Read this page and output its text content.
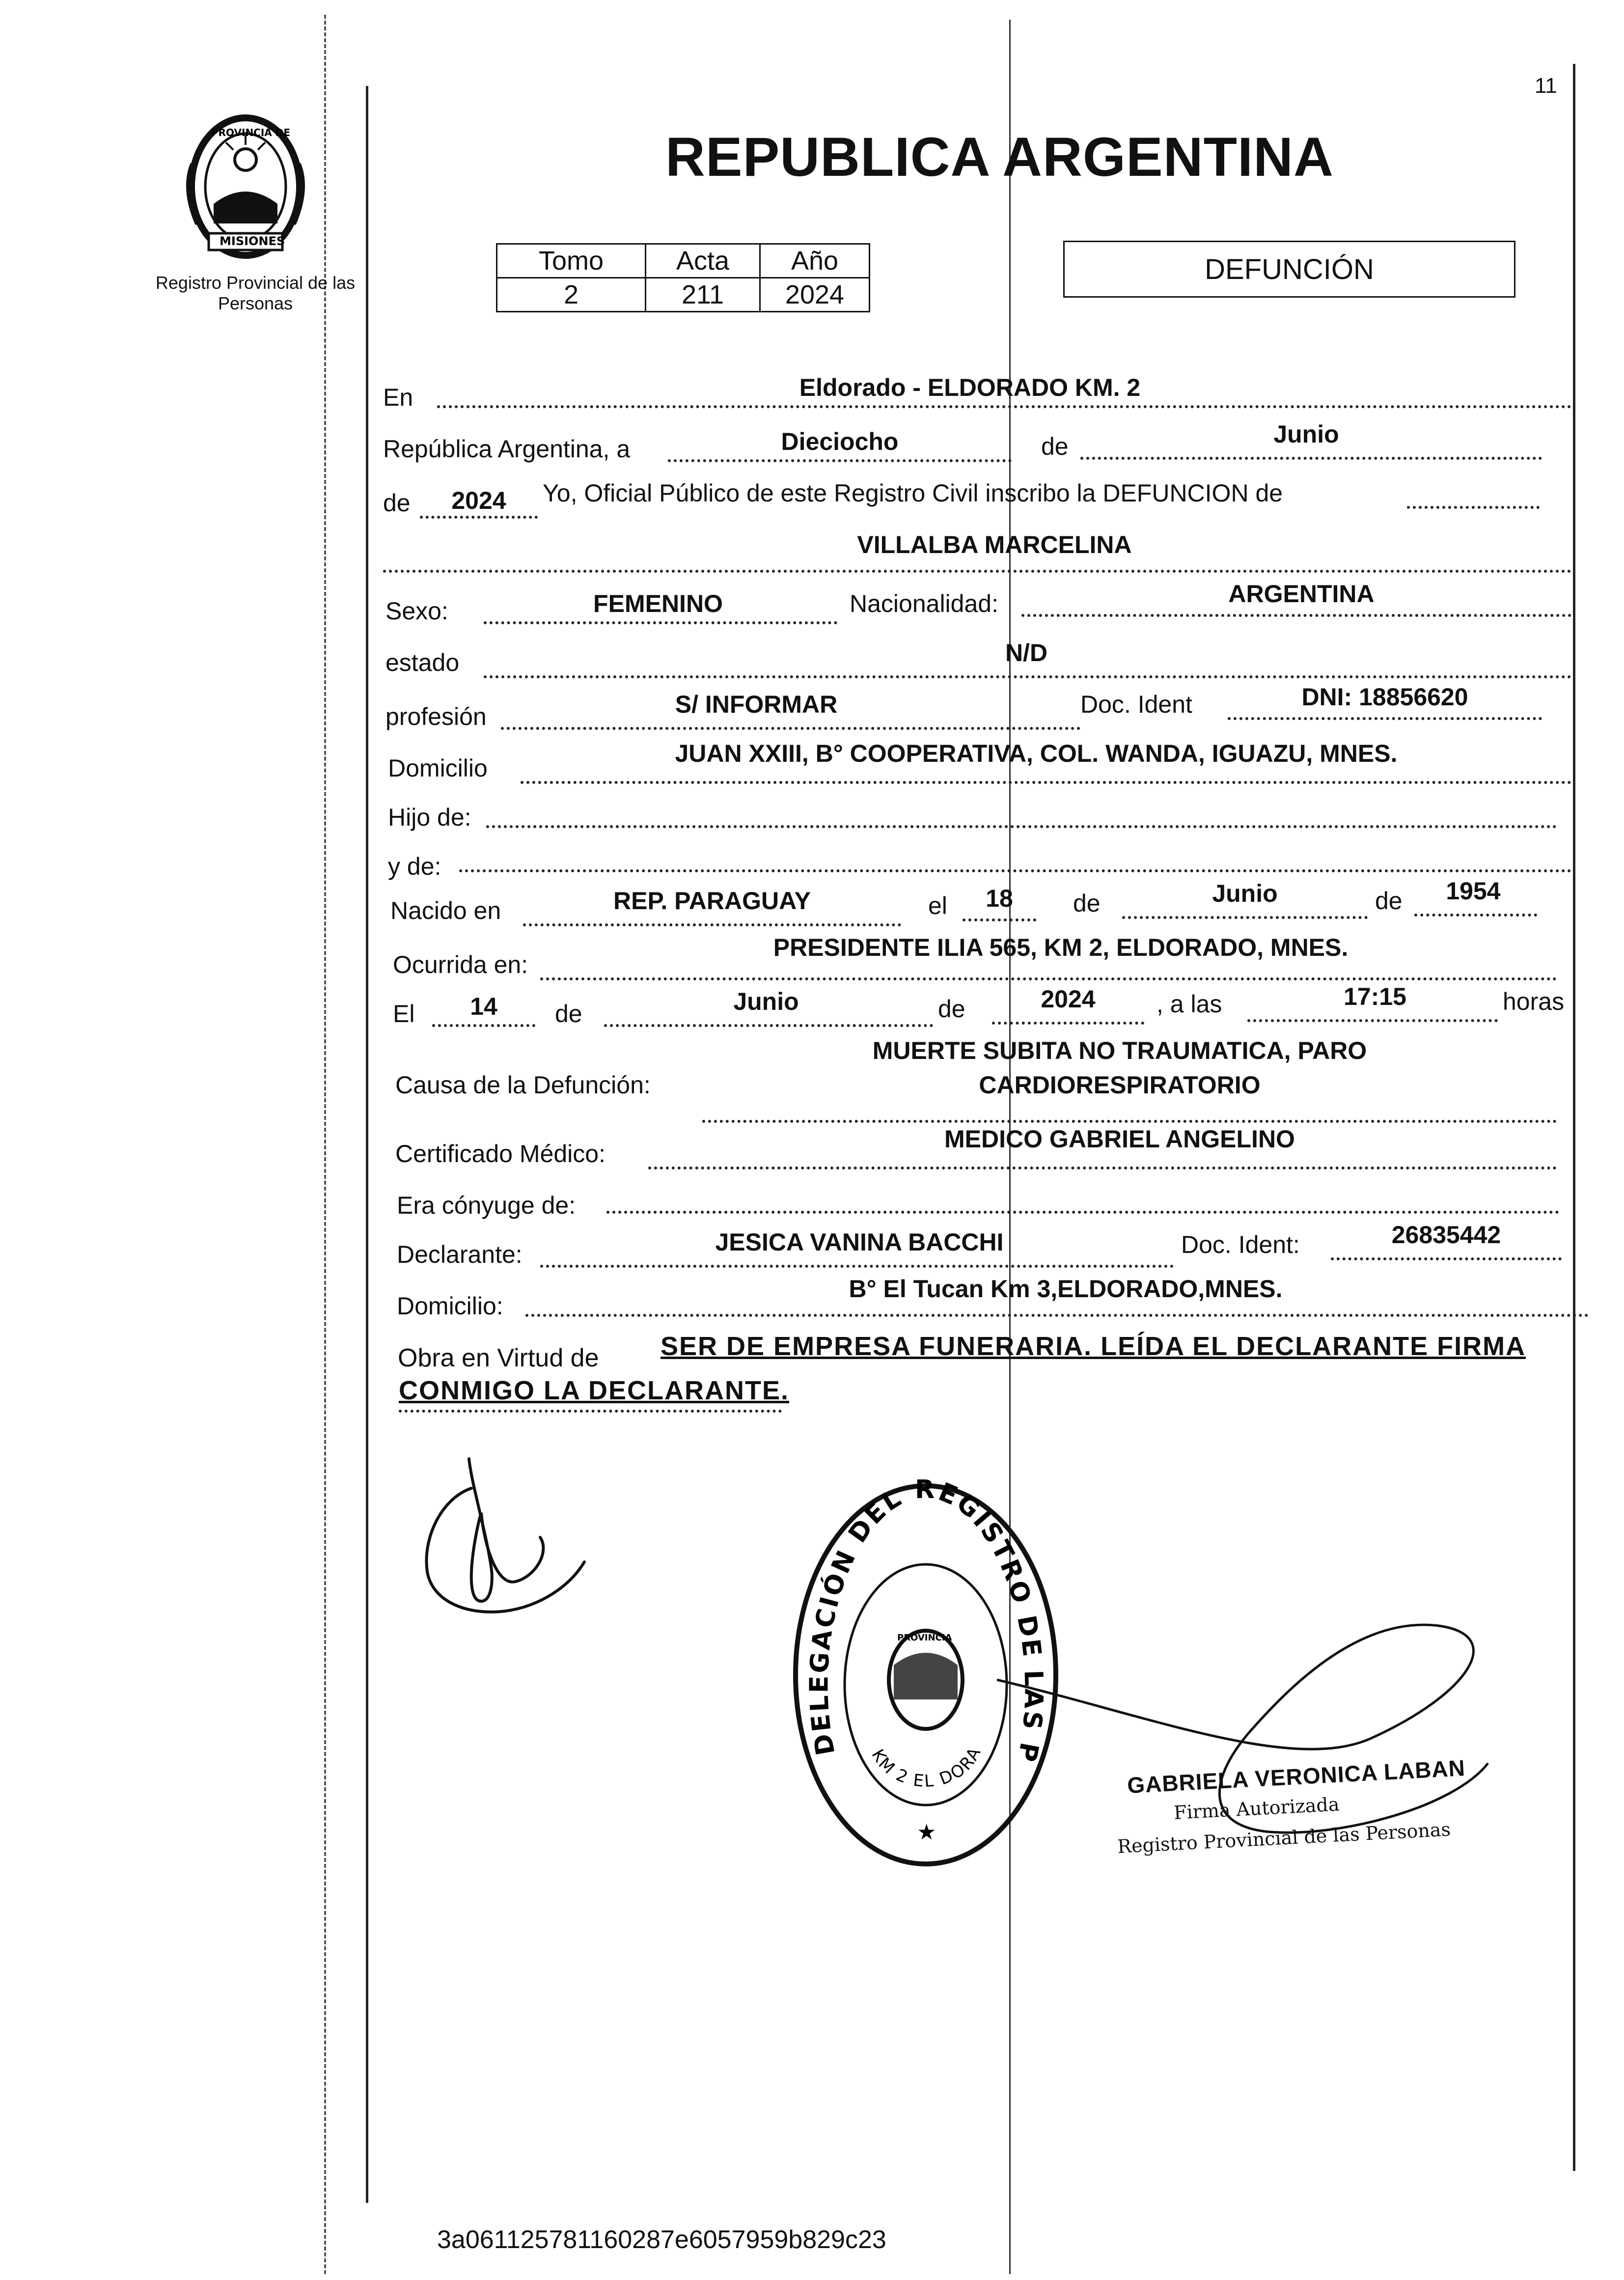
11
REPUBLICA ARGENTINA
PROVINCIA DE
MISIONES
Registro Provincial de las Personas
Tomo	Acta	Año
2	211	2024
DEFUNCIÓN
En	Eldorado - ELDORADO KM. 2
República Argentina, a	Dieciocho	de	Junio
de	2024	Yo, Oficial Público de este Registro Civil inscribo la DEFUNCION de
VILLALBA MARCELINA
Sexo:	FEMENINO	Nacionalidad:	ARGENTINA
estado	N/D
profesión	S/ INFORMAR	Doc. Ident	DNI: 18856620
Domicilio
JUAN XXIII, B° COOPERATIVA, COL. WANDA, IGUAZU, MNES.
Hijo de:
y de:
Nacido en	REP. PARAGUAY	el	18	de	Junio	de	1954
Ocurrida en:
PRESIDENTE ILIA 565, KM 2, ELDORADO, MNES.
El	14	de	Junio	de	2024	, a las	17:15	horas
Causa de la Defunción:
MUERTE SUBITA NO TRAUMATICA, PARO
CARDIORESPIRATORIO
Certificado Médico:
MEDICO GABRIEL ANGELINO
Era cónyuge de:
Declarante:	JESICA VANINA BACCHI	Doc. Ident:	26835442
Domicilio:
B° El Tucan Km 3,ELDORADO,MNES.
Obra en Virtud de SER DE EMPRESA FUNERARIA. LEÍDA EL DECLARANTE FIRMA
CONMIGO LA DECLARANTE.
DELEGACIÓN DEL REGISTRO DE LAS P
KM 2 EL DORA
PROVINCIA
★
GABRIELA VERONICA LABAN
Firma Autorizada
Registro Provincial de las Personas
3a061125781160287e6057959b829c23
